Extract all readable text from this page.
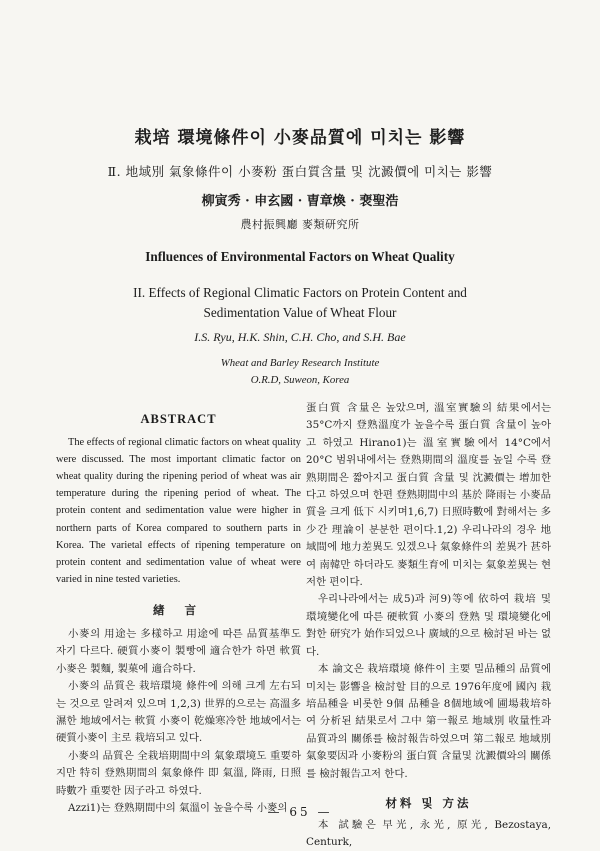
栽培 環境條件이 小麥品質에 미치는 影響
Ⅱ. 地域別 氣象條件이 小麥粉 蛋白質含量 및 沈澱價에 미치는 影響
柳寅秀 · 申玄國 · 曺章煥 · 裵聖浩
農村振興廳 麥類研究所
Influences of Environmental Factors on Wheat Quality
II. Effects of Regional Climatic Factors on Protein Content and
Sedimentation Value of Wheat Flour
I.S. Ryu, H.K. Shin, C.H. Cho, and S.H. Bae
Wheat and Barley Research Institute
O.R.D, Suweon, Korea
ABSTRACT

The effects of regional climatic factors on wheat quality were discussed. The most important climatic factor on wheat quality during the ripening period of wheat was air temperature during the ripening period of wheat. The protein content and sedimentation value were higher in northern parts of Korea compared to southern parts in Korea. The varietal effects of ripening temperature on protein content and sedimentation value of wheat were varied in nine tested varieties.

緖 言

小麥의 用途는 多樣하고 用途에 따른 品質基準도 자기 다르다. 硬質小麥이 製빵에 適合한가 하면 軟質小麥은 製麵, 製菓에 適合하다.

小麥의 品質은 栽培環境 條件에 의해 크게 左右되는 것으로 알려져 있으며 1,2,3) 世界的으로는 高溫多濕한 地域에서는 軟質 小麥이 乾燥寒冷한 地域에서는 硬質小麥이 主로 栽培되고 있다.

小麥의 品質은 全栽培期間中의 氣象環境도 重要하지만 特히 登熟期間의 氣象條件 即 氣溫, 降雨, 日照時數가 重要한 因子라고 하였다.

Azzi1)는 登熟期間中의 氣溫이 높을수록 小麥의

蛋白質 含量은 높았으며, 溫室實驗의 結果에서는 35°C까지 登熟溫度가 높을수록 蛋白質 含量이 높아고 하였고 Hirano1)는 溫室實驗에서 14°C에서 20°C 범위내에서는 登熟期間의 溫度를 높일 수록 登熟期間은 짧아지고 蛋白質 含量 및 沈澱價는 增加한다고 하였으며 한편 登熟期間中의 基於 降雨는 小麥品質을 크게 低下 시키며1,6,7) 日照時數에 對해서는 多少간 理論이 분분한 편이다.1,2) 우리나라의 경우 地域間에 地力差異도 있겠으나 氣象條件의 差異가 甚하여 南韓만 하더라도 麥類生育에 미치는 氣象差異는 현저한 편이다.

우리나라에서는 成5)과 河9)等에 依하여 栽培 및 環境變化에 따른 硬軟質 小麥의 登熟 및 環境變化에 對한 研究가 始作되었으나 廣域的으로 檢討된 바는 없다.

本 論文은 栽培環境 條件이 主要 밀品種의 品質에 미치는 影響을 檢討할 目的으로 1976年度에 國內 栽培品種을 비롯한 9個 品種을 8個地域에 圃場栽培하여 分析된 結果로서 그中 第一報로 地域別 收量性과 品質과의 關係를 檢討報告하였으며 第二報로 地域別 氣象要因과 小麥粉의 蛋白質 含量및 沈澱價와의 關係를 檢討報告고저 한다.

材料 및 方法

本 試驗은 早光, 永光, 原光, Bezostaya, Centurk,

— 65 —
